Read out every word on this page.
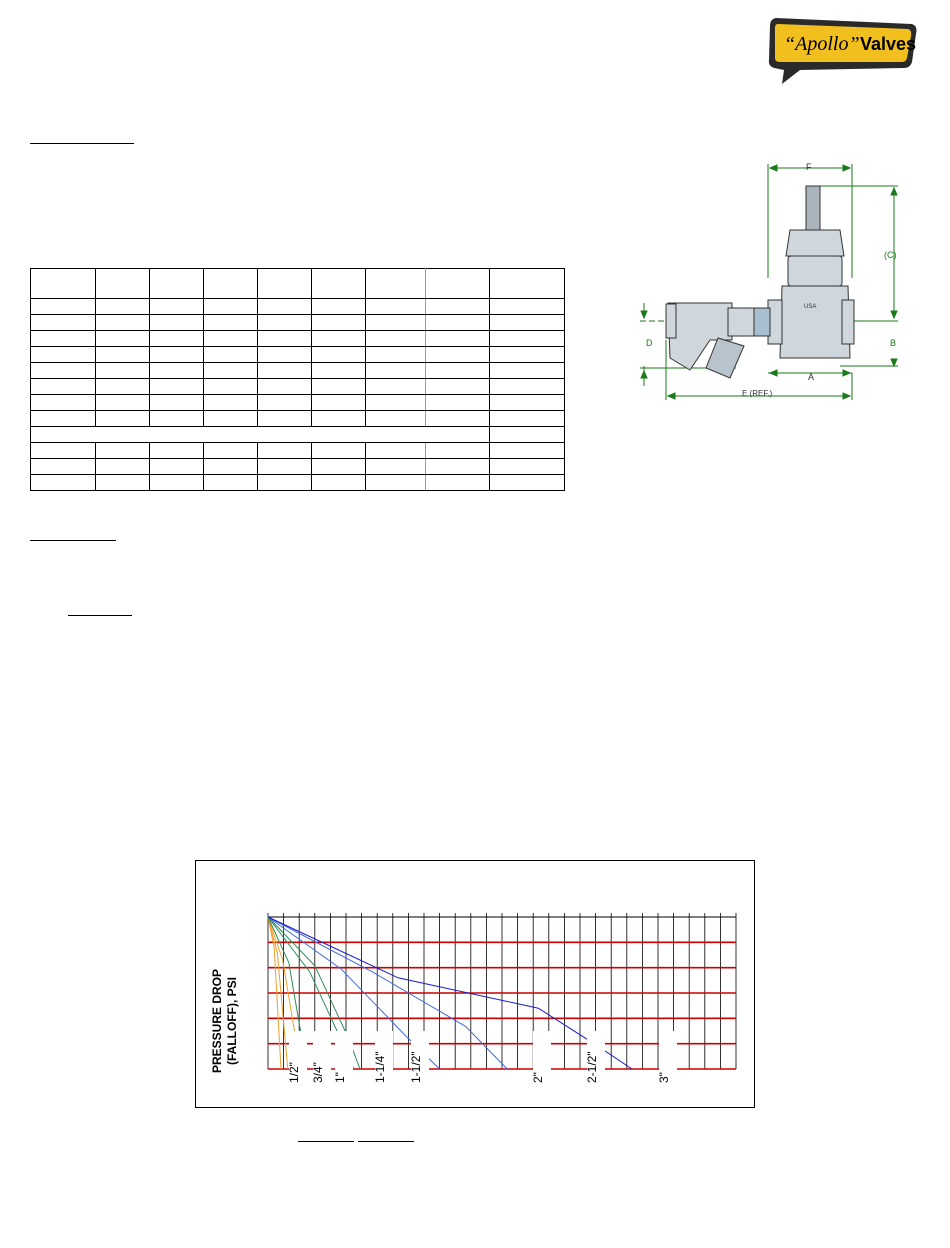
“Apollo” Valves

F
(C)
D	B
A
E (REF.)
USA
1/2" 3/4" 1" 1-1/4" 1-1/2"	2"	2-1/2"	3"
PRESSURE DROP (FALLOFF), PSI
